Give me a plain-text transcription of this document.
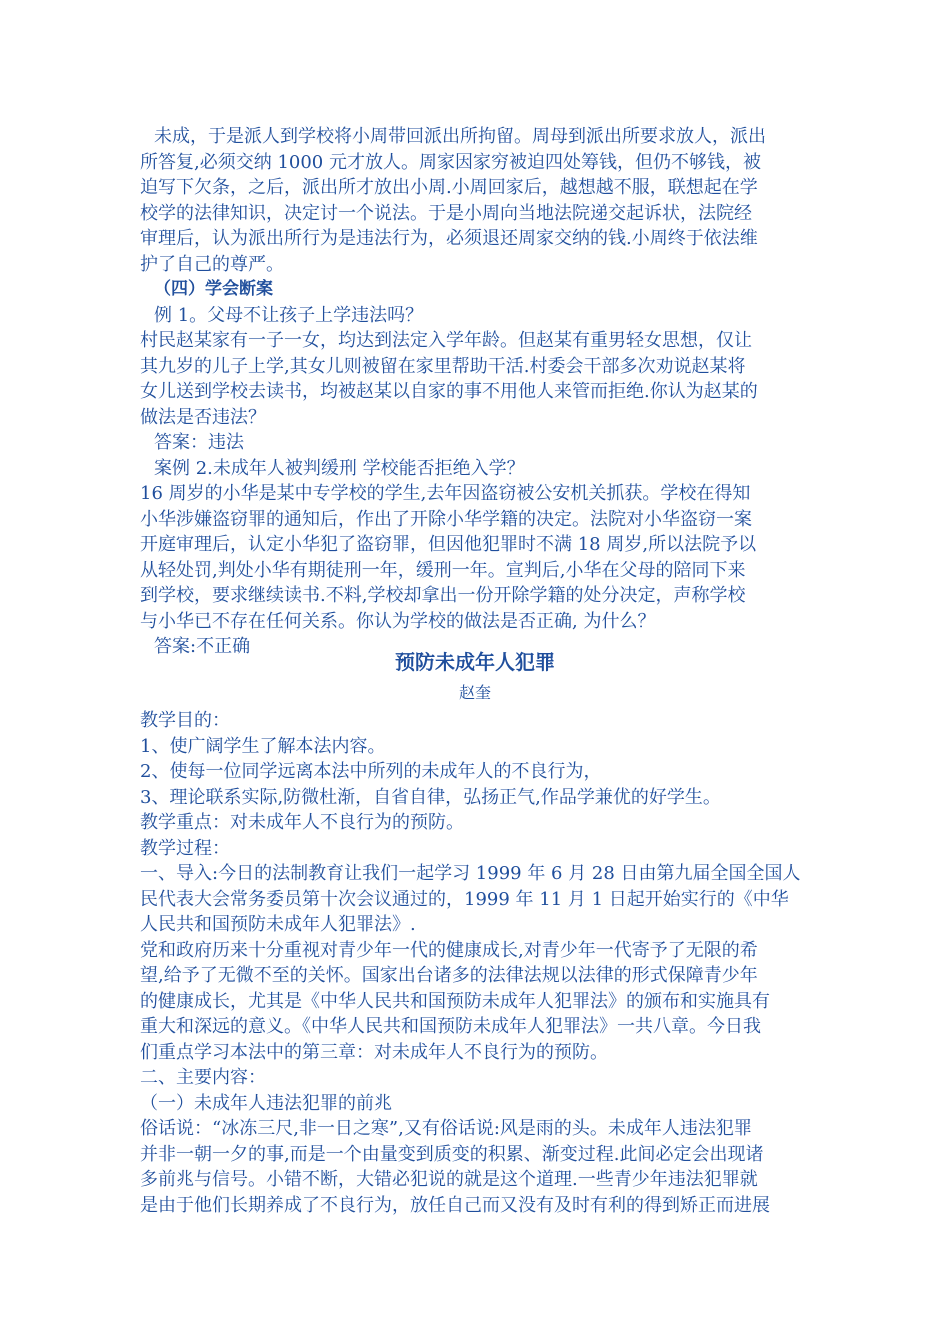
未成，于是派人到学校将小周带回派出所拘留。周母到派出所要求放人，派出
所答复,必须交纳 1000 元才放人。周家因家穷被迫四处筹钱，但仍不够钱，被
迫写下欠条，之后，派出所才放出小周.小周回家后，越想越不服，联想起在学
校学的法律知识，决定讨一个说法。于是小周向当地法院递交起诉状，法院经
审理后，认为派出所行为是违法行为，必须退还周家交纳的钱.小周终于依法维
护了自己的尊严。
（四）学会断案
例 1。父母不让孩子上学违法吗？
村民赵某家有一子一女，均达到法定入学年龄。但赵某有重男轻女思想，仅让
其九岁的儿子上学,其女儿则被留在家里帮助干活.村委会干部多次劝说赵某将
女儿送到学校去读书，均被赵某以自家的事不用他人来管而拒绝.你认为赵某的
做法是否违法？
答案：违法
案例 2.未成年人被判缓刑 学校能否拒绝入学？
16 周岁的小华是某中专学校的学生,去年因盗窃被公安机关抓获。学校在得知
小华涉嫌盗窃罪的通知后，作出了开除小华学籍的决定。法院对小华盗窃一案
开庭审理后，认定小华犯了盗窃罪，但因他犯罪时不满 18 周岁,所以法院予以
从轻处罚,判处小华有期徒刑一年，缓刑一年。宣判后,小华在父母的陪同下来
到学校，要求继续读书.不料,学校却拿出一份开除学籍的处分决定，声称学校
与小华已不存在任何关系。你认为学校的做法是否正确, 为什么？
答案:不正确
预防未成年人犯罪
赵奎
教学目的：
1、使广阔学生了解本法内容。
2、使每一位同学远离本法中所列的未成年人的不良行为，
3、理论联系实际,防微杜渐，自省自律，弘扬正气,作品学兼优的好学生。
教学重点：对未成年人不良行为的预防。
教学过程：
一、导入:今日的法制教育让我们一起学习 1999 年 6 月 28 日由第九届全国全国人
民代表大会常务委员第十次会议通过的，1999 年 11 月 1 日起开始实行的《中华
人民共和国预防未成年人犯罪法》.
党和政府历来十分重视对青少年一代的健康成长,对青少年一代寄予了无限的希
望,给予了无微不至的关怀。国家出台诸多的法律法规以法律的形式保障青少年
的健康成长，尤其是《中华人民共和国预防未成年人犯罪法》的颁布和实施具有
重大和深远的意义。《中华人民共和国预防未成年人犯罪法》一共八章。今日我
们重点学习本法中的第三章：对未成年人不良行为的预防。
二、主要内容：
（一）未成年人违法犯罪的前兆
俗话说：“冰冻三尺,非一日之寒”,又有俗话说:风是雨的头。未成年人违法犯罪
并非一朝一夕的事,而是一个由量变到质变的积累、渐变过程.此间必定会出现诸
多前兆与信号。小错不断，大错必犯说的就是这个道理.一些青少年违法犯罪就
是由于他们长期养成了不良行为，放任自己而又没有及时有利的得到矫正而进展
